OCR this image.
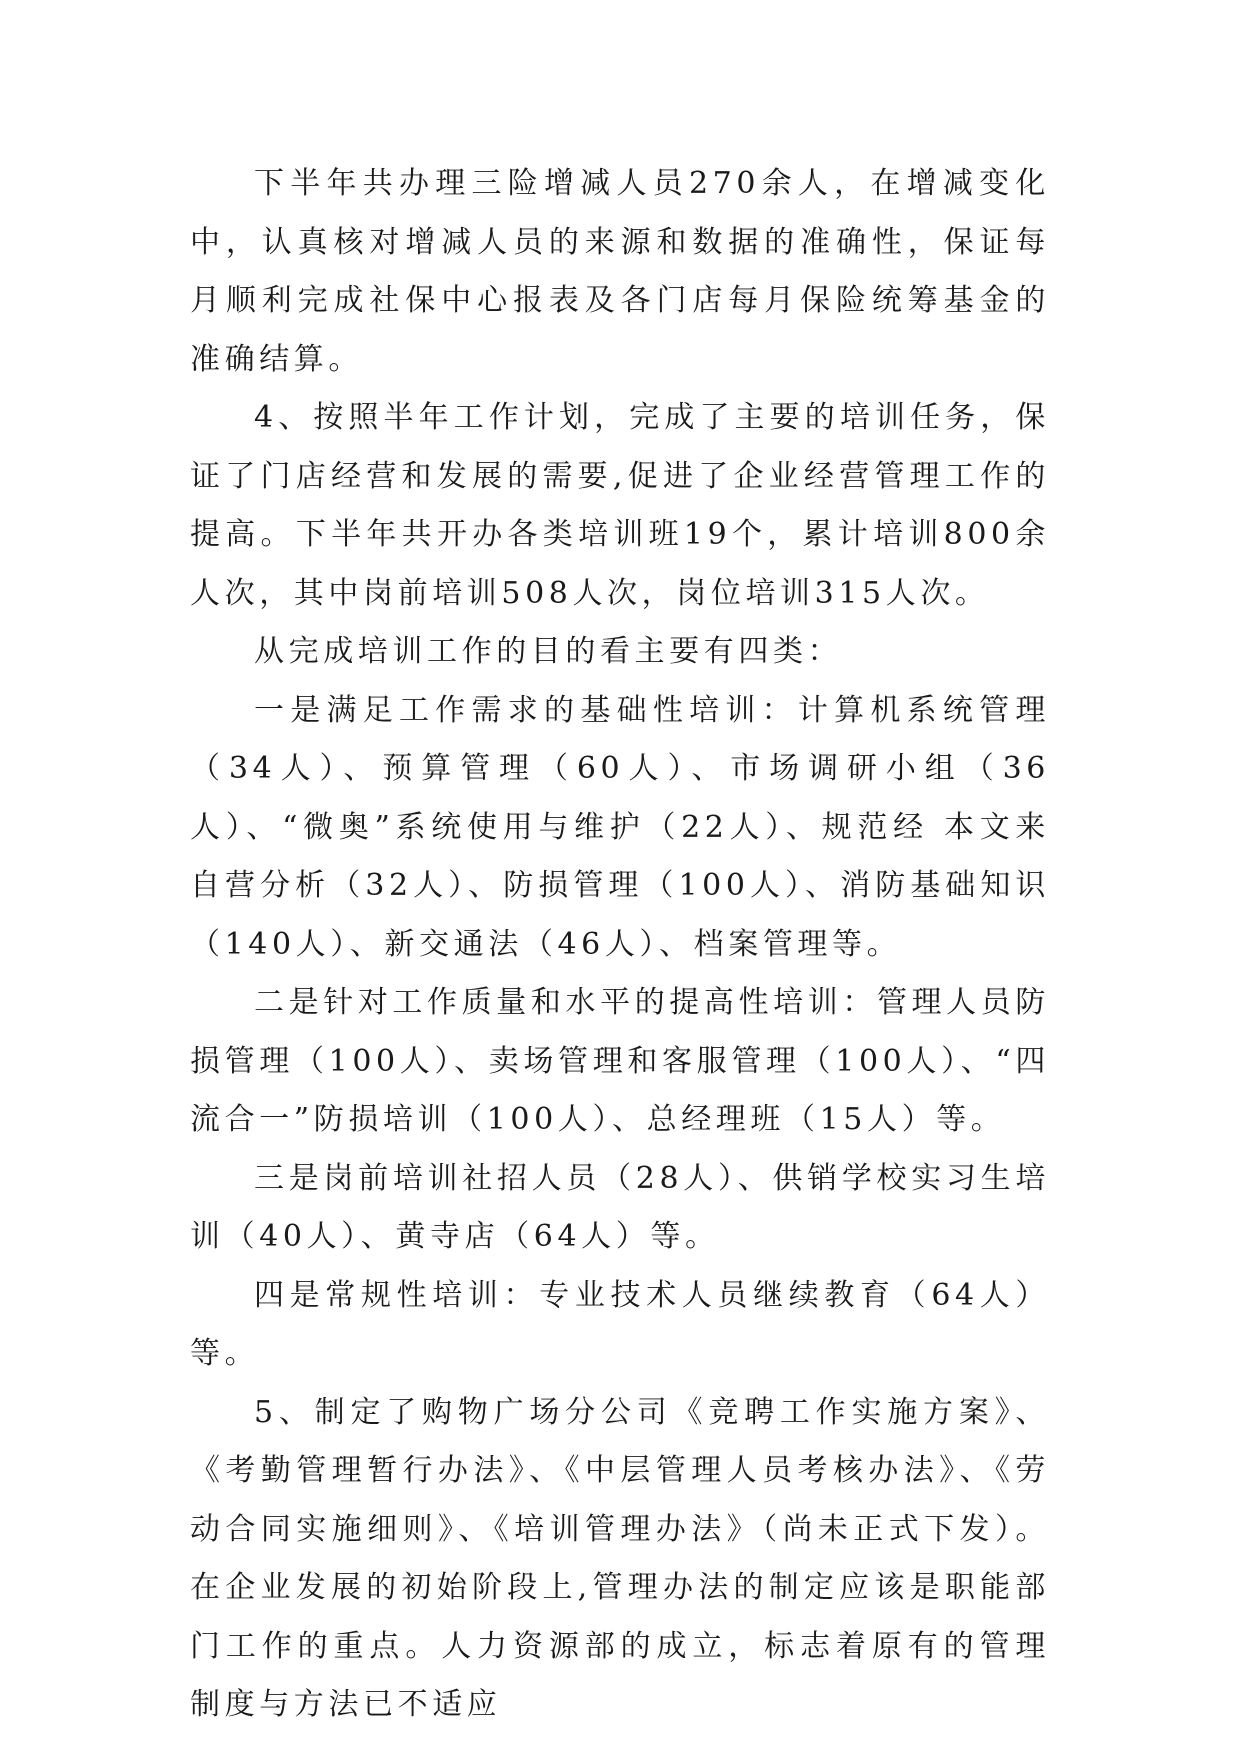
下半年共办理三险增减人员270余人，在增减变化中，认真核对增减人员的来源和数据的准确性，保证每月顺利完成社保中心报表及各门店每月保险统筹基金的准确结算。

4、按照半年工作计划，完成了主要的培训任务，保证了门店经营和发展的需要,促进了企业经营管理工作的提高。下半年共开办各类培训班19个，累计培训800余人次，其中岗前培训508人次，岗位培训315人次。

从完成培训工作的目的看主要有四类：

一是满足工作需求的基础性培训：计算机系统管理（34人）、预算管理（60人）、市场调研小组（36人）、“微奥”系统使用与维护（22人）、规范经 本文来自营分析（32人）、防损管理（100人）、消防基础知识（140人）、新交通法（46人）、档案管理等。

二是针对工作质量和水平的提高性培训：管理人员防损管理（100人）、卖场管理和客服管理（100人）、“四流合一”防损培训（100人）、总经理班（15人）等。

三是岗前培训社招人员（28人）、供销学校实习生培训（40人）、黄寺店（64人）等。

四是常规性培训：专业技术人员继续教育（64人）等。

5、制定了购物广场分公司《竞聘工作实施方案》、《考勤管理暂行办法》、《中层管理人员考核办法》、《劳动合同实施细则》、《培训管理办法》（尚未正式下发）。在企业发展的初始阶段上,管理办法的制定应该是职能部门工作的重点。人力资源部的成立，标志着原有的管理制度与方法已不适应
